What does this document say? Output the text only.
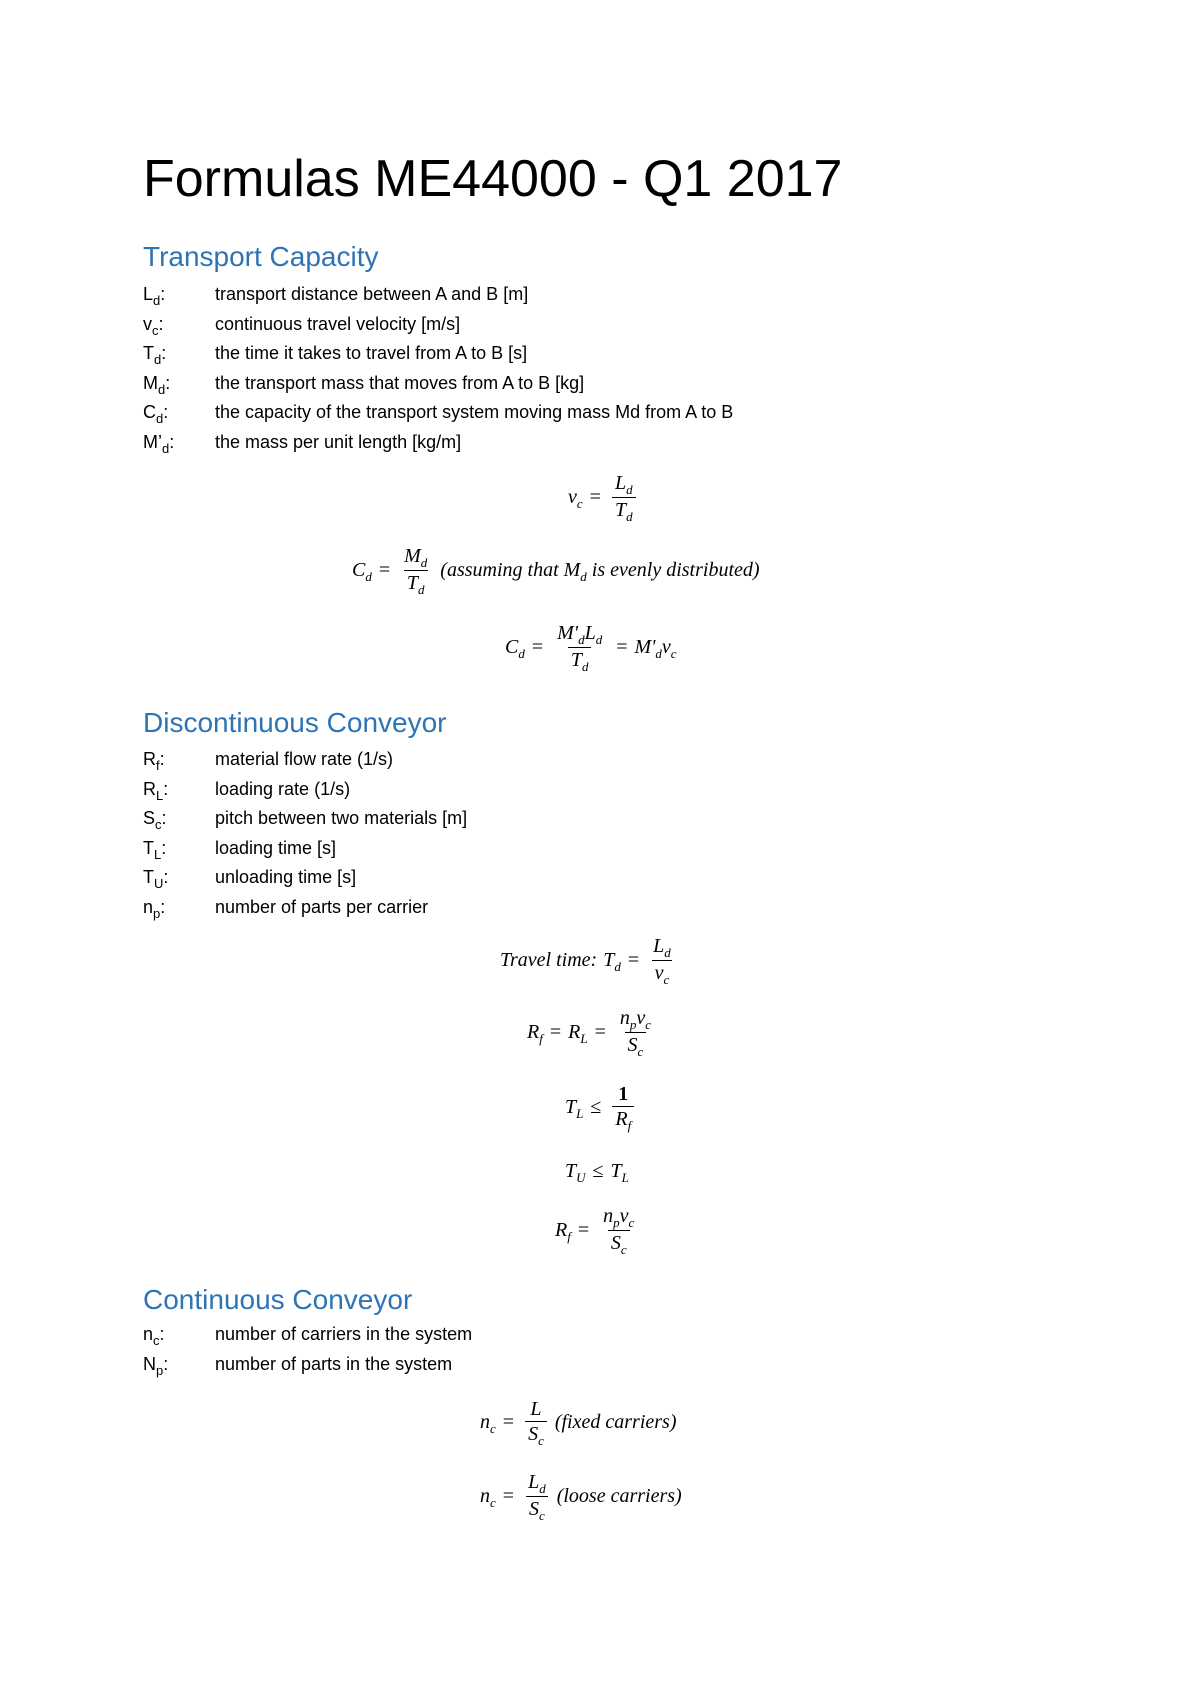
Formulas ME44000 - Q1 2017
Transport Capacity
$L_d$:	transport distance between A and B [m]
$v_c$:	continuous travel velocity [m/s]
$T_d$:	the time it takes to travel from A to B [s]
$M_d$: the transport mass that moves from A to B [kg]
$C_d$:	the capacity of the transport system moving mass Md from A to B
$M’_d$: the mass per unit length [kg/m]
$v_c = \frac{L_d}{T_d}$
$C_d = \frac{M_d}{T_d}$ (assuming that $M_d$ is evenly distributed)
$C_d = \frac{M'_dL_d}{T_d} = M'_dv_c$
Discontinuous Conveyor
$R_f$:	material flow rate (1/s)
$R_L$:	loading rate (1/s)
$S_c$:	pitch between two materials [m]
$T_L$:	loading time [s]
$T_U$:	unloading time [s]
$n_p$:	number of parts per carrier
Travel time: $T_d = \frac{L_d}{v_c}$
$R_f = R_L = \frac{n_pv_c}{S_c}$
$T_L \le \frac{1}{R_f}$
$T_U \le T_L$
$R_f = \frac{n_pv_c}{S_c}$
Continuous Conveyor
$n_c$:	number of carriers in the system
$N_p$:	number of parts in the system
$n_c = \frac{L}{S_c}$ (fixed carriers)
$n_c = \frac{L_d}{S_c}$ (loose carriers)
